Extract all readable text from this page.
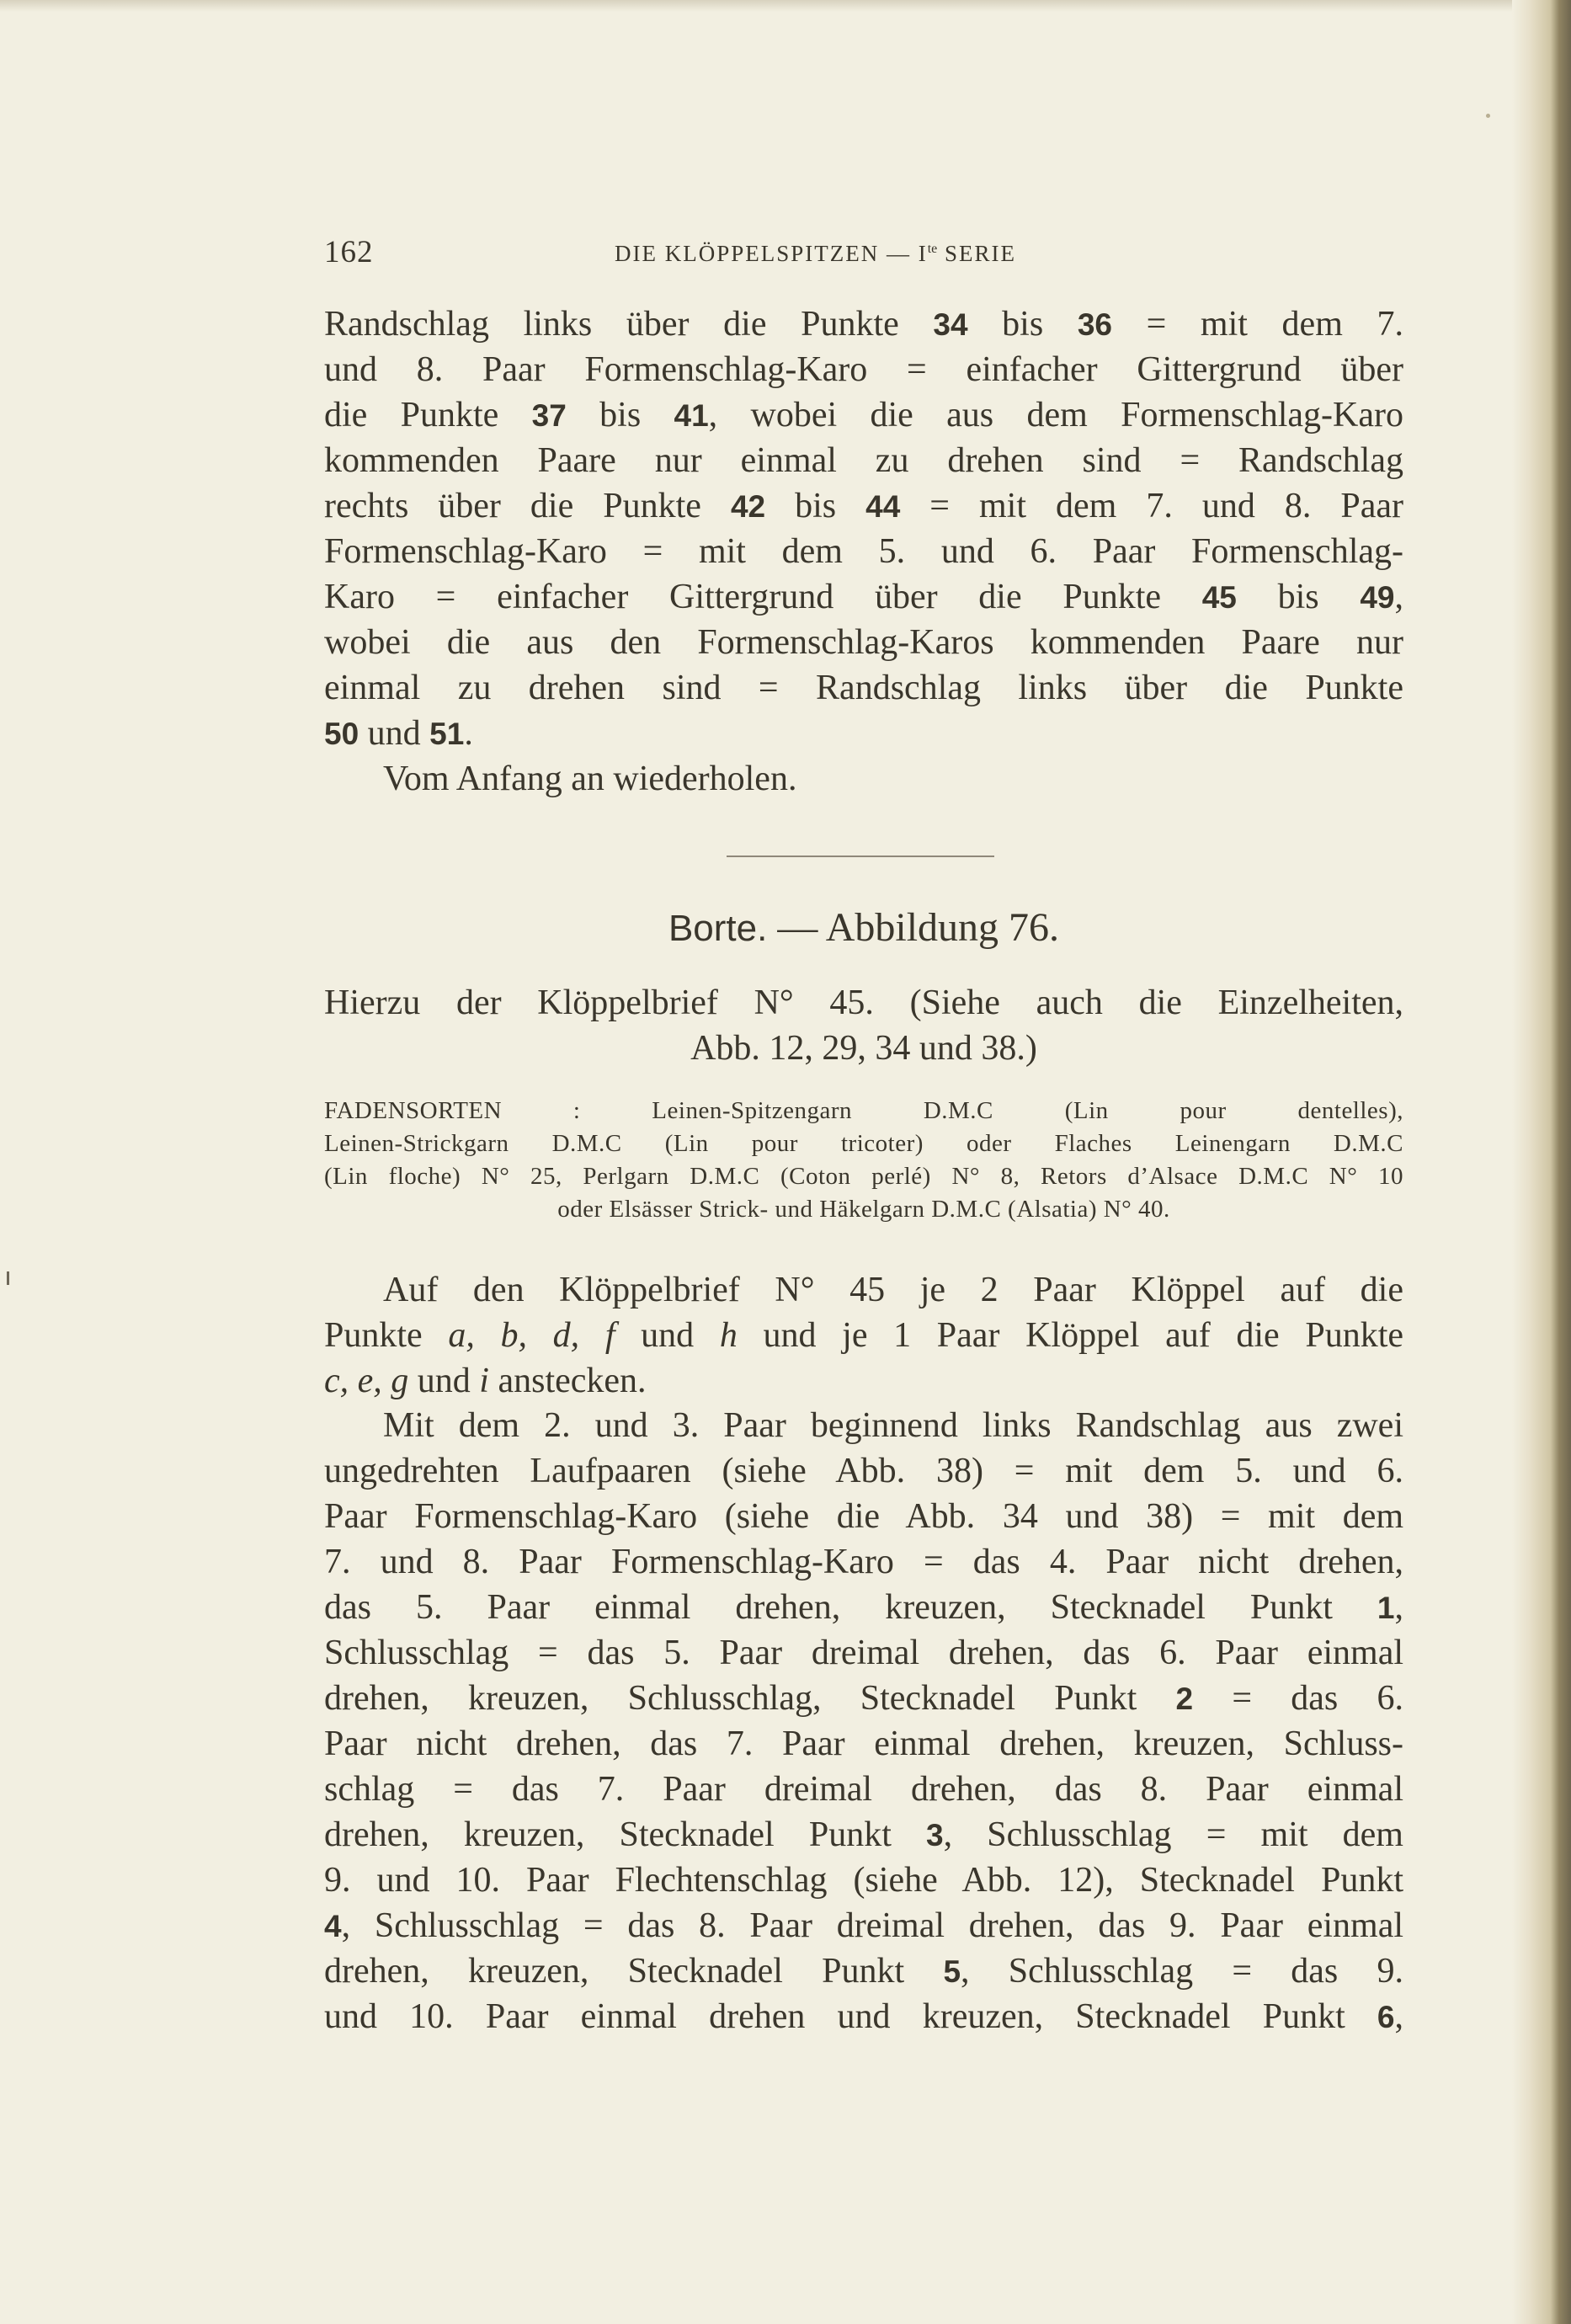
162	DIE KLÖPPELSPITZEN — $I^{te}$ SERIE
Randschlag links über die Punkte 34 bis 36 = mit dem 7.
und 8. Paar Formenschlag-Karo = einfacher Gittergrund über
die Punkte 37 bis 41, wobei die aus dem Formenschlag-Karo
kommenden Paare nur einmal zu drehen sind = Randschlag
rechts über die Punkte 42 bis 44 = mit dem 7. und 8. Paar
Formenschlag-Karo = mit dem 5. und 6. Paar Formenschlag-
Karo = einfacher Gittergrund über die Punkte 45 bis 49,
wobei die aus den Formenschlag-Karos kommenden Paare nur
einmal zu drehen sind = Randschlag links über die Punkte
50 und 51.
Vom Anfang an wiederholen.
Borte. — Abbildung 76.
Hierzu der Klöppelbrief N° 45. (Siehe auch die Einzelheiten,
Abb. 12, 29, 34 und 38.)
FADENSORTEN : Leinen-Spitzengarn D.M.C (Lin pour dentelles),
Leinen-Strickgarn D.M.C (Lin pour tricoter) oder Flaches Leinengarn D.M.C
(Lin floche) N° 25, Perlgarn D.M.C (Coton perlé) N° 8, Retors d’Alsace D.M.C N° 10
oder Elsässer Strick- und Häkelgarn D.M.C (Alsatia) N° 40.
Auf den Klöppelbrief N° 45 je 2 Paar Klöppel auf die
Punkte a, b, d, f und h und je 1 Paar Klöppel auf die Punkte
c, e, g und i anstecken.
Mit dem 2. und 3. Paar beginnend links Randschlag aus zwei
ungedrehten Laufpaaren (siehe Abb. 38) = mit dem 5. und 6.
Paar Formenschlag-Karo (siehe die Abb. 34 und 38) = mit dem
7. und 8. Paar Formenschlag-Karo = das 4. Paar nicht drehen,
das 5. Paar einmal drehen, kreuzen, Stecknadel Punkt 1,
Schlusschlag = das 5. Paar dreimal drehen, das 6. Paar einmal
drehen, kreuzen, Schlusschlag, Stecknadel Punkt 2 = das 6.
Paar nicht drehen, das 7. Paar einmal drehen, kreuzen, Schluss-
schlag = das 7. Paar dreimal drehen, das 8. Paar einmal
drehen, kreuzen, Stecknadel Punkt 3, Schlusschlag = mit dem
9. und 10. Paar Flechtenschlag (siehe Abb. 12), Stecknadel Punkt
4, Schlusschlag = das 8. Paar dreimal drehen, das 9. Paar einmal
drehen, kreuzen, Stecknadel Punkt 5, Schlusschlag = das 9.
und 10. Paar einmal drehen und kreuzen, Stecknadel Punkt 6,
